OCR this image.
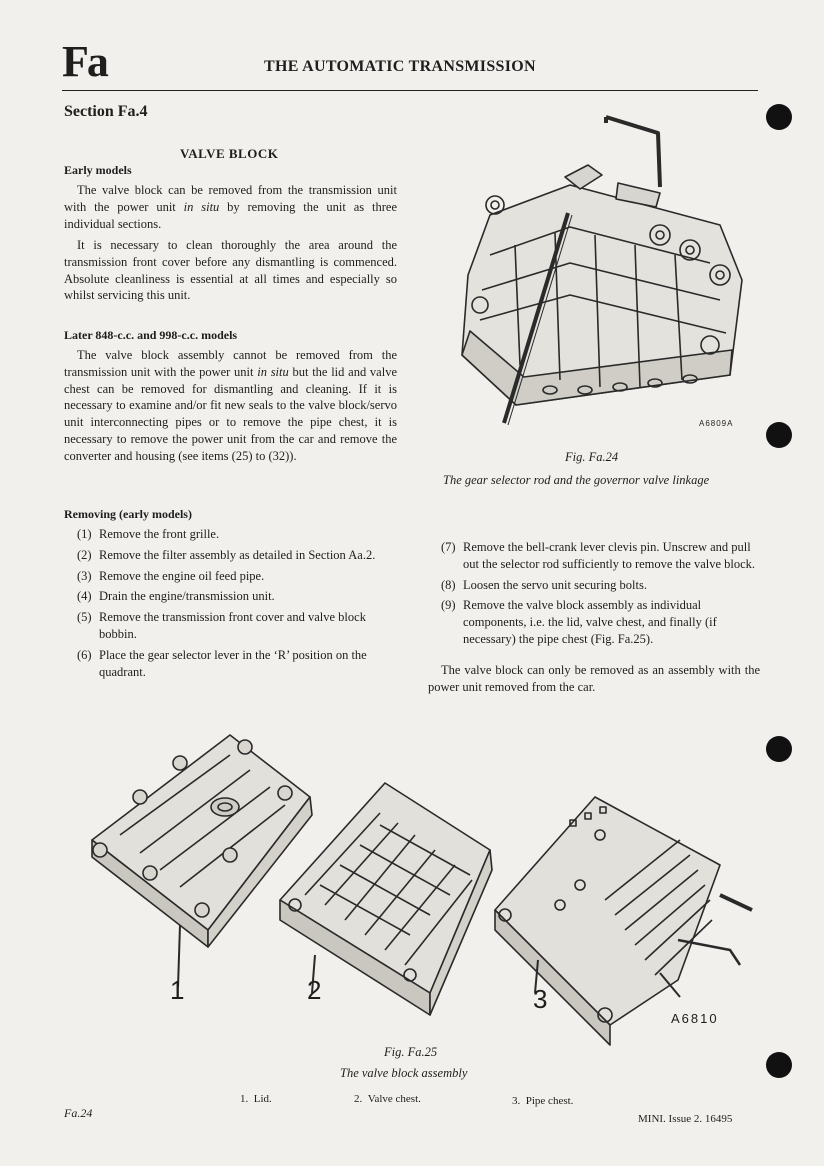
Fa	THE AUTOMATIC TRANSMISSION
Section Fa.4
VALVE BLOCK
Early models

The valve block can be removed from the transmission unit with the power unit in situ by removing the unit as three individual sections.

It is necessary to clean thoroughly the area around the transmission front cover before any dismantling is commenced. Absolute cleanliness is essential at all times and especially so whilst servicing this unit.

Later 848-c.c. and 998-c.c. models

The valve block assembly cannot be removed from the transmission unit with the power unit in situ but the lid and valve chest can be removed for dismantling and cleaning. If it is necessary to examine and/or fit new seals to the valve block/servo unit interconnecting pipes or to remove the pipe chest, it is necessary to remove the power unit from the car and remove the converter and housing (see items (25) to (32)).

Removing (early models)
(1) Remove the front grille.
(2) Remove the filter assembly as detailed in Section Aa.2.
(3) Remove the engine oil feed pipe.
(4) Drain the engine/transmission unit.
(5) Remove the transmission front cover and valve block bobbin.
(6) Place the gear selector lever in the ‘R’ position on the quadrant.
(7) Remove the bell-crank lever clevis pin. Unscrew and pull out the selector rod sufficiently to remove the valve block.
(8) Loosen the servo unit securing bolts.
(9) Remove the valve block assembly as individual components, i.e. the lid, valve chest, and finally (if necessary) the pipe chest (Fig. Fa.25).

The valve block can only be removed as an assembly with the power unit removed from the car.

A6809A
Fig. Fa.24
The gear selector rod and the governor valve linkage
1	2	3
A6810
Fig. Fa.25
The valve block assembly
1. Lid.	2. Valve chest.	3. Pipe chest.
Fa.24	MINI. Issue 2. 16495
